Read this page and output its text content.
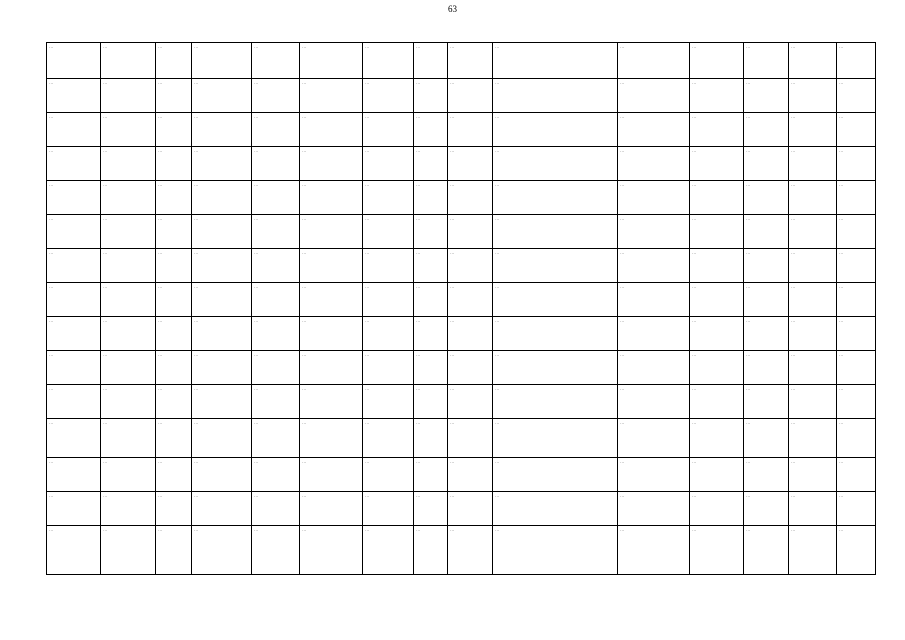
63
…	…	…	…	…	…	…	…	…	…	…	…	…	…	…
…	…	…	…	…	…	…	…	…	…	…	…	…	…	…
…	…	…	…	…	…	…	…	…	…	…	…	…	…	…
…	…	…	…	…	…	…	…	…	…	…	…	…	…	…
…	…	…	…	…	…	…	…	…	…	…	…	…	…	…
…	…	…	…	…	…	…	…	…	…	…	…	…	…	…
…	…	…	…	…	…	…	…	…	…	…	…	…	…	…
…	…	…	…	…	…	…	…	…	…	…	…	…	…	…
…	…	…	…	…	…	…	…	…	…	…	…	…	…	…
…	…	…	…	…	…	…	…	…	…	…	…	…	…	…
…	…	…	…	…	…	…	…	…	…	…	…	…	…	…
…	…	…	…	…	…	…	…	…	…	…	…	…	…	…
…	…	…	…	…	…	…	…	…	…	…	…	…	…	…
…	…	…	…	…	…	…	…	…	…	…	…	…	…	…
…	…	…	…	…	…	…	…	…	…	…	…	…	…	…
